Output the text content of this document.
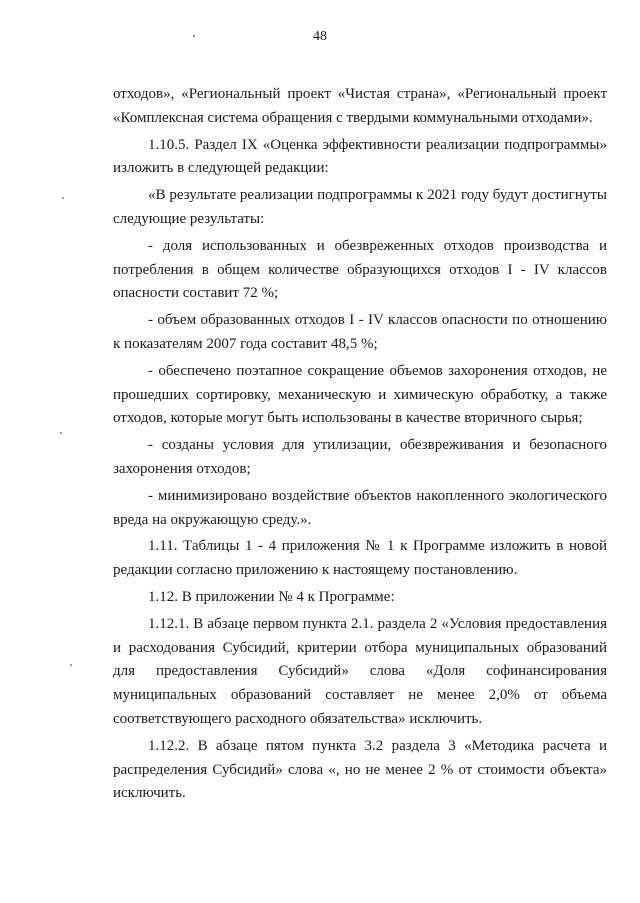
48

отходов», «Региональный проект «Чистая страна», «Региональный проект «Комплексная система обращения с твердыми коммунальными отходами».

1.10.5. Раздел IX «Оценка эффективности реализации подпрограммы» изложить в следующей редакции:

«В результате реализации подпрограммы к 2021 году будут достигнуты следующие результаты:

- доля использованных и обезвреженных отходов производства и потребления в общем количестве образующихся отходов I - IV классов опасности составит 72 %;

- объем образованных отходов I - IV классов опасности по отношению к показателям 2007 года составит 48,5 %;

- обеспечено поэтапное сокращение объемов захоронения отходов, не прошедших сортировку, механическую и химическую обработку, а также отходов, которые могут быть использованы в качестве вторичного сырья;

- созданы условия для утилизации, обезвреживания и безопасного захоронения отходов;

- минимизировано воздействие объектов накопленного экологического вреда на окружающую среду.».

1.11. Таблицы 1 - 4 приложения № 1 к Программе изложить в новой редакции согласно приложению к настоящему постановлению.

1.12. В приложении № 4 к Программе:

1.12.1. В абзаце первом пункта 2.1. раздела 2 «Условия предоставления и расходования Субсидий, критерии отбора муниципальных образований для предоставления Субсидий» слова «Доля софинансирования муниципальных образований составляет не менее 2,0% от объема соответствующего расходного обязательства» исключить.

1.12.2. В абзаце пятом пункта 3.2 раздела 3 «Методика расчета и распределения Субсидий» слова «, но не менее 2 % от стоимости объекта» исключить.
